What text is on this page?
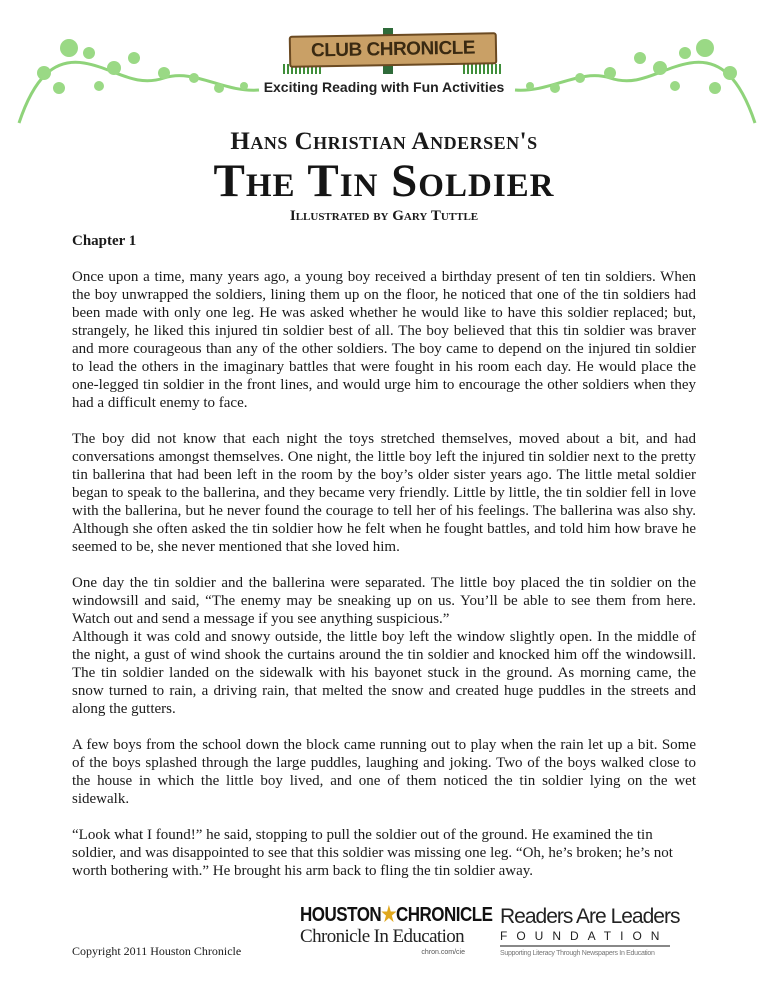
CLUB CHRONICLE
Exciting Reading with Fun Activities
Hans Christian Andersen's
The Tin Soldier
Illustrated by Gary Tuttle
Chapter 1
Once upon a time, many years ago, a young boy received a birthday present of ten tin soldiers. When
the boy unwrapped the soldiers, lining them up on the floor, he noticed that one of the tin soldiers had
been made with only one leg. He was asked whether he would like to have this soldier replaced; but,
strangely, he liked this injured tin soldier best of all. The boy believed that this tin soldier was braver
and more courageous than any of the other soldiers. The boy came to depend on the injured tin soldier
to lead the others in the imaginary battles that were fought in his room each day. He would place the
one-legged tin soldier in the front lines, and would urge him to encourage the other soldiers when they
had a difficult enemy to face.
The boy did not know that each night the toys stretched themselves, moved about a bit, and had
conversations amongst themselves. One night, the little boy left the injured tin soldier next to the pretty
tin ballerina that had been left in the room by the boy’s older sister years ago. The little metal soldier
began to speak to the ballerina, and they became very friendly. Little by little, the tin soldier fell in love
with the ballerina, but he never found the courage to tell her of his feelings. The ballerina was also shy.
Although she often asked the tin soldier how he felt when he fought battles, and told him how brave he
seemed to be, she never mentioned that she loved him.
One day the tin soldier and the ballerina were separated. The little boy placed the tin soldier on the
windowsill and said, “The enemy may be sneaking up on us. You’ll be able to see them from here.
Watch out and send a message if you see anything suspicious.”
Although it was cold and snowy outside, the little boy left the window slightly open. In the middle of
the night, a gust of wind shook the curtains around the tin soldier and knocked him off the windowsill.
The tin soldier landed on the sidewalk with his bayonet stuck in the ground. As morning came, the
snow turned to rain, a driving rain, that melted the snow and created huge puddles in the streets and
along the gutters.
A few boys from the school down the block came running out to play when the rain let up a bit. Some
of the boys splashed through the large puddles, laughing and joking. Two of the boys walked close to
the house in which the little boy lived, and one of them noticed the tin soldier lying on the wet
sidewalk.
“Look what I found!” he said, stopping to pull the soldier out of the ground. He examined the tin
soldier, and was disappointed to see that this soldier was missing one leg. “Oh, he’s broken; he’s not
worth bothering with.” He brought his arm back to fling the tin soldier away.
Copyright 2011 Houston Chronicle
HOUSTON★CHRONICLE
Chronicle In Education
chron.com/cie
Readers Are Leaders
FOUNDATION
Supporting Literacy Through Newspapers In Education
